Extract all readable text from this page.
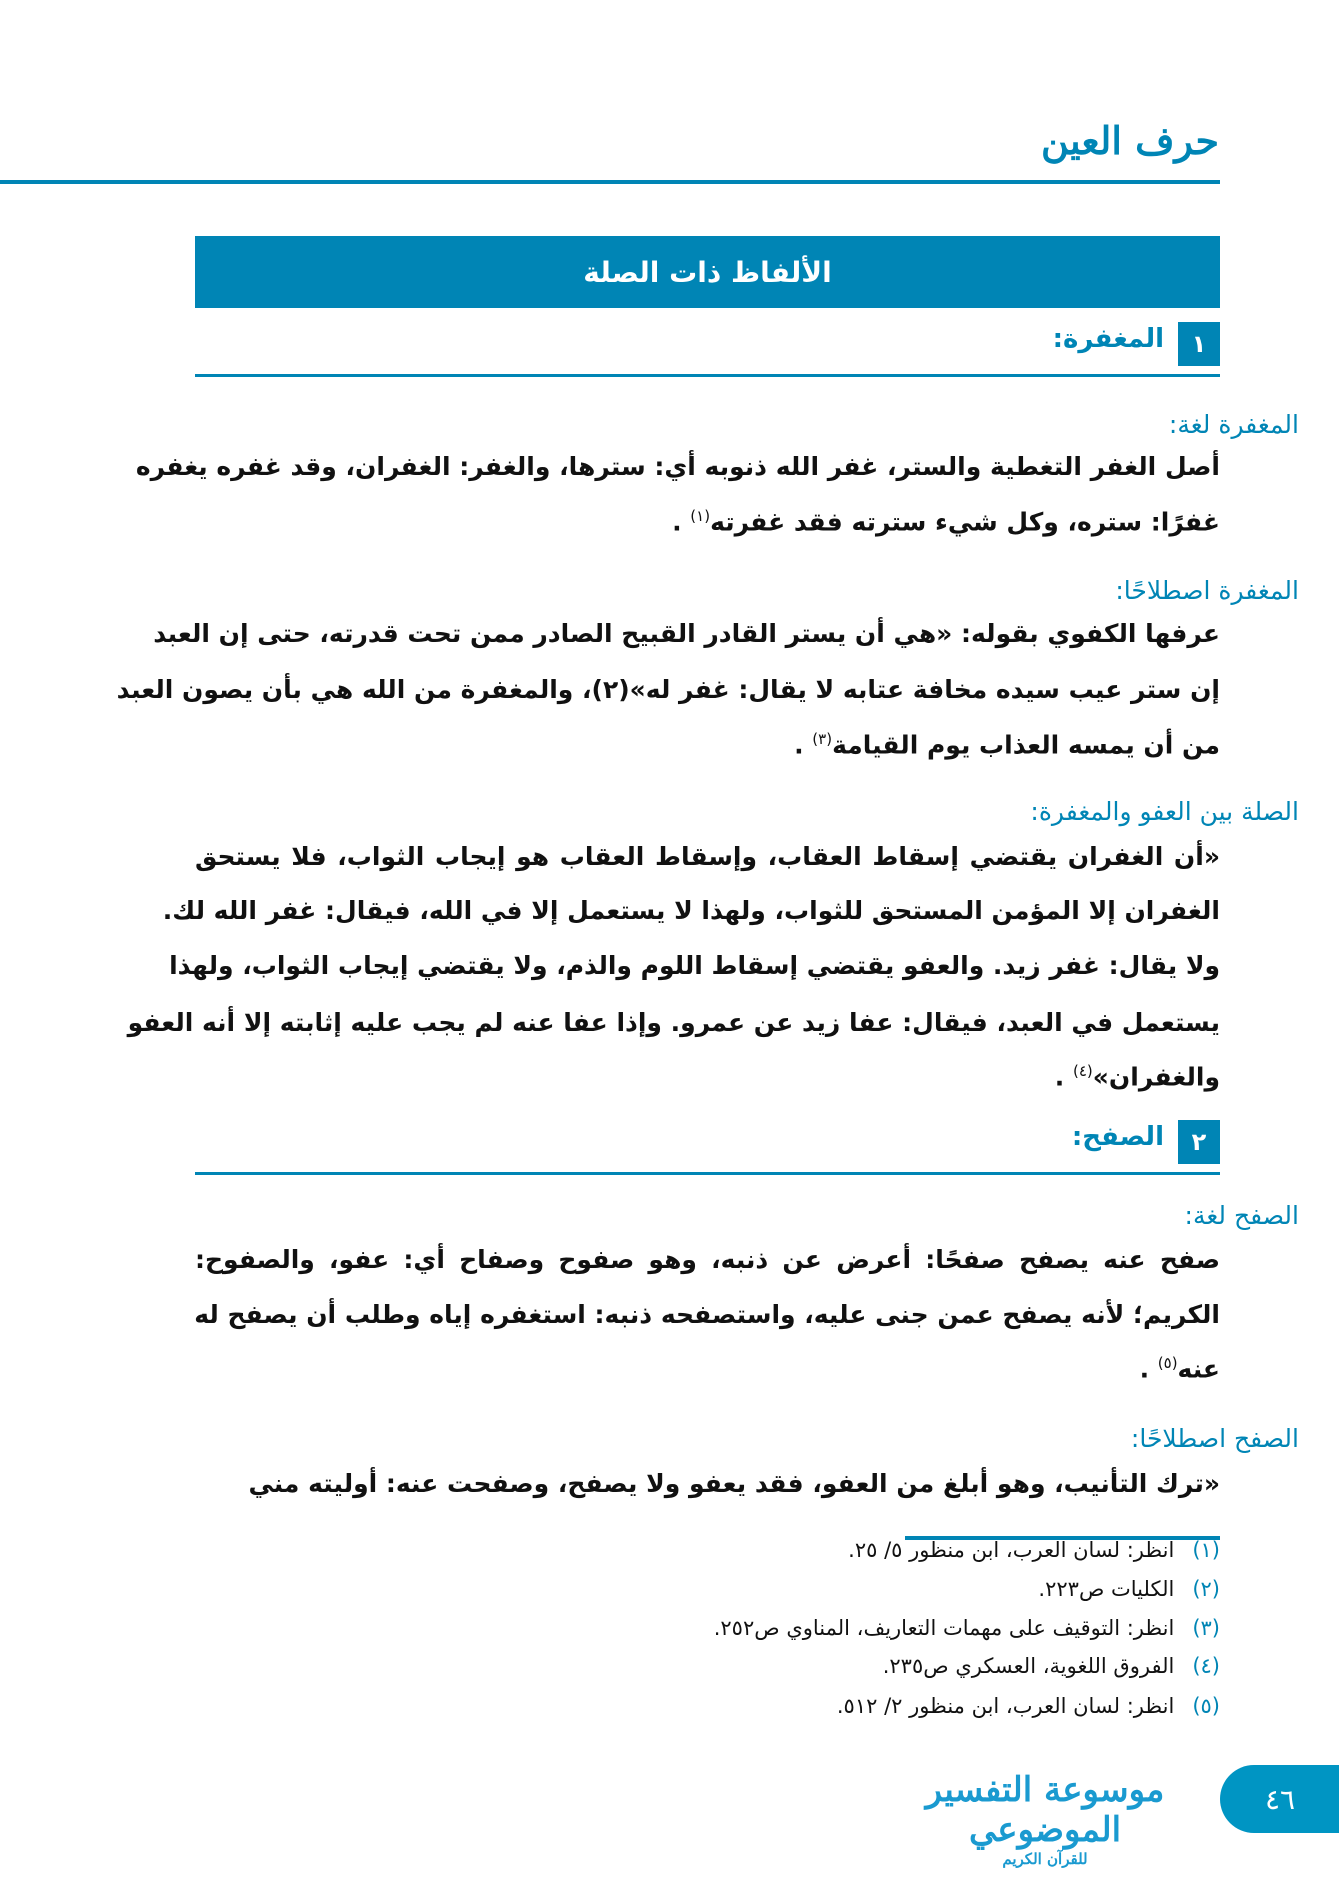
حرف العين
الألفاظ ذات الصلة
١
المغفرة:
المغفرة لغة:
أصل الغفر التغطية والستر، غفر الله ذنوبه أي: سترها، والغفر: الغفران، وقد غفره يغفره
غفرًا: ستره، وكل شيء سترته فقد غفرته$^{(١)}$ .
المغفرة اصطلاحًا:
عرفها الكفوي بقوله: «هي أن يستر القادر القبيح الصادر ممن تحت قدرته، حتى إن العبد
إن ستر عيب سيده مخافة عتابه لا يقال: غفر له»(٢)، والمغفرة من الله هي بأن يصون العبد
من أن يمسه العذاب يوم القيامة$^{(٣)}$ .
الصلة بين العفو والمغفرة:
«أن الغفران يقتضي إسقاط العقاب، وإسقاط العقاب هو إيجاب الثواب، فلا يستحق
الغفران إلا المؤمن المستحق للثواب، ولهذا لا يستعمل إلا في الله، فيقال: غفر الله لك.
ولا يقال: غفر زيد. والعفو يقتضي إسقاط اللوم والذم، ولا يقتضي إيجاب الثواب، ولهذا
يستعمل في العبد، فيقال: عفا زيد عن عمرو. وإذا عفا عنه لم يجب عليه إثابته إلا أنه العفو
والغفران»$^{(٤)}$ .
٢
الصفح:
الصفح لغة:
صفح عنه يصفح صفحًا: أعرض عن ذنبه، وهو صفوح وصفاح أي: عفو، والصفوح:
الكريم؛ لأنه يصفح عمن جنى عليه، واستصفحه ذنبه: استغفره إياه وطلب أن يصفح له
عنه$^{(٥)}$ .
الصفح اصطلاحًا:
«ترك التأنيب، وهو أبلغ من العفو، فقد يعفو ولا يصفح، وصفحت عنه: أوليته مني
(١)انظر: لسان العرب، ابن منظور ٥/ ٢٥.
(٢)الكليات ص٢٢٣.
(٣)انظر: التوقيف على مهمات التعاريف، المناوي ص٢٥٢.
(٤)الفروق اللغوية، العسكري ص٢٣٥.
(٥)انظر: لسان العرب، ابن منظور ٢/ ٥١٢.
موسوعة التفسير الموضوعي
للقرآن الكريم
٤٦
